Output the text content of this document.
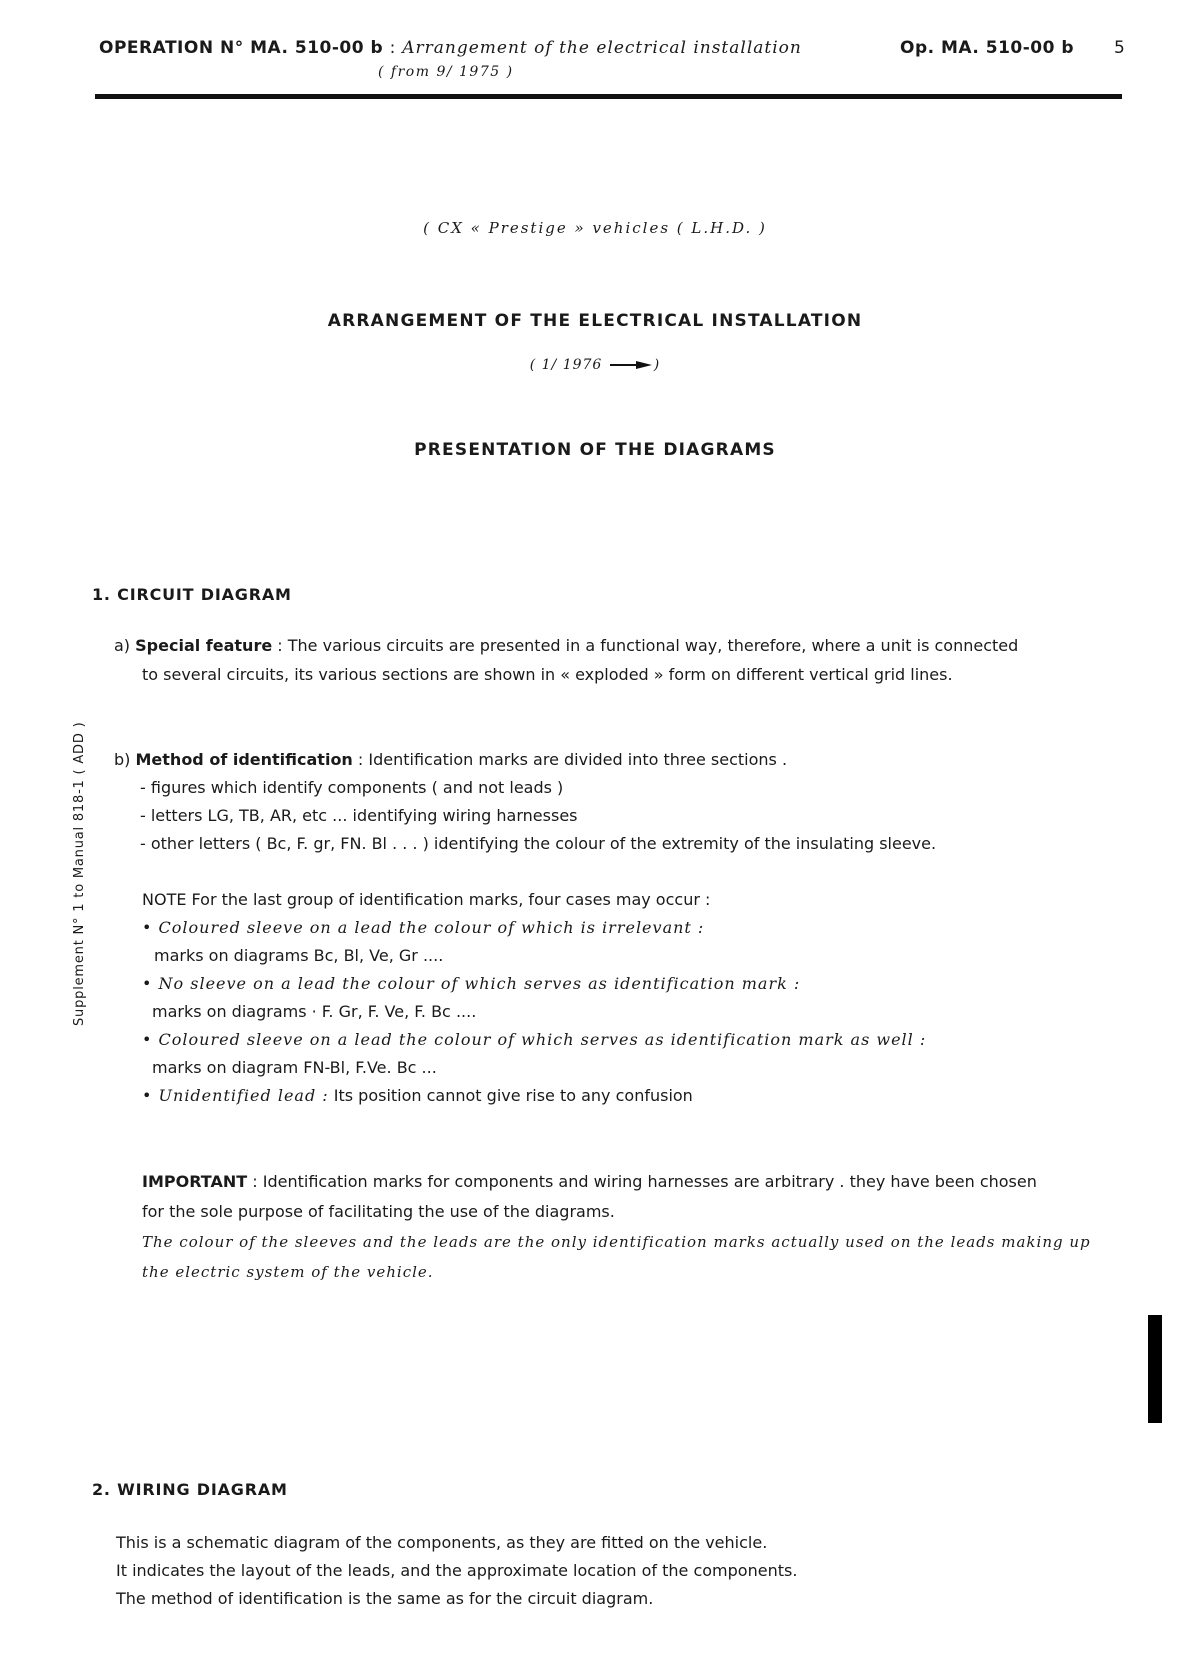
OPERATION N° MA. 510-00 b : Arrangement of the electrical installation
( from 9/ 1975 )
Op. MA. 510-00 b 5
( CX « Prestige » vehicles ( L.H.D. )
ARRANGEMENT OF THE ELECTRICAL INSTALLATION
( 1/ 1976	)
PRESENTATION OF THE DIAGRAMS
Supplement N° 1 to Manual 818-1 ( ADD )
1. CIRCUIT DIAGRAM
a) Special feature : The various circuits are presented in a functional way, therefore, where a unit is connected
to several circuits, its various sections are shown in « exploded » form on different vertical grid lines.
b) Method of identification : Identification marks are divided into three sections .
- figures which identify components ( and not leads )
- letters LG, TB, AR, etc ... identifying wiring harnesses
- other letters ( Bc, F. gr, FN. Bl . . . ) identifying the colour of the extremity of the insulating sleeve.
NOTE For the last group of identification marks, four cases may occur :
• Coloured sleeve on a lead the colour of which is irrelevant :
marks on diagrams Bc, Bl, Ve, Gr ....
• No sleeve on a lead the colour of which serves as identification mark :
marks on diagrams · F. Gr, F. Ve, F. Bc ....
• Coloured sleeve on a lead the colour of which serves as identification mark as well :
marks on diagram FN-Bl, F.Ve. Bc ...
• Unidentified lead : Its position cannot give rise to any confusion
IMPORTANT : Identification marks for components and wiring harnesses are arbitrary . they have been chosen
for the sole purpose of facilitating the use of the diagrams.
The colour of the sleeves and the leads are the only identification marks actually used on the leads making up
the electric system of the vehicle.
2. WIRING DIAGRAM
This is a schematic diagram of the components, as they are fitted on the vehicle.
It indicates the layout of the leads, and the approximate location of the components.
The method of identification is the same as for the circuit diagram.
